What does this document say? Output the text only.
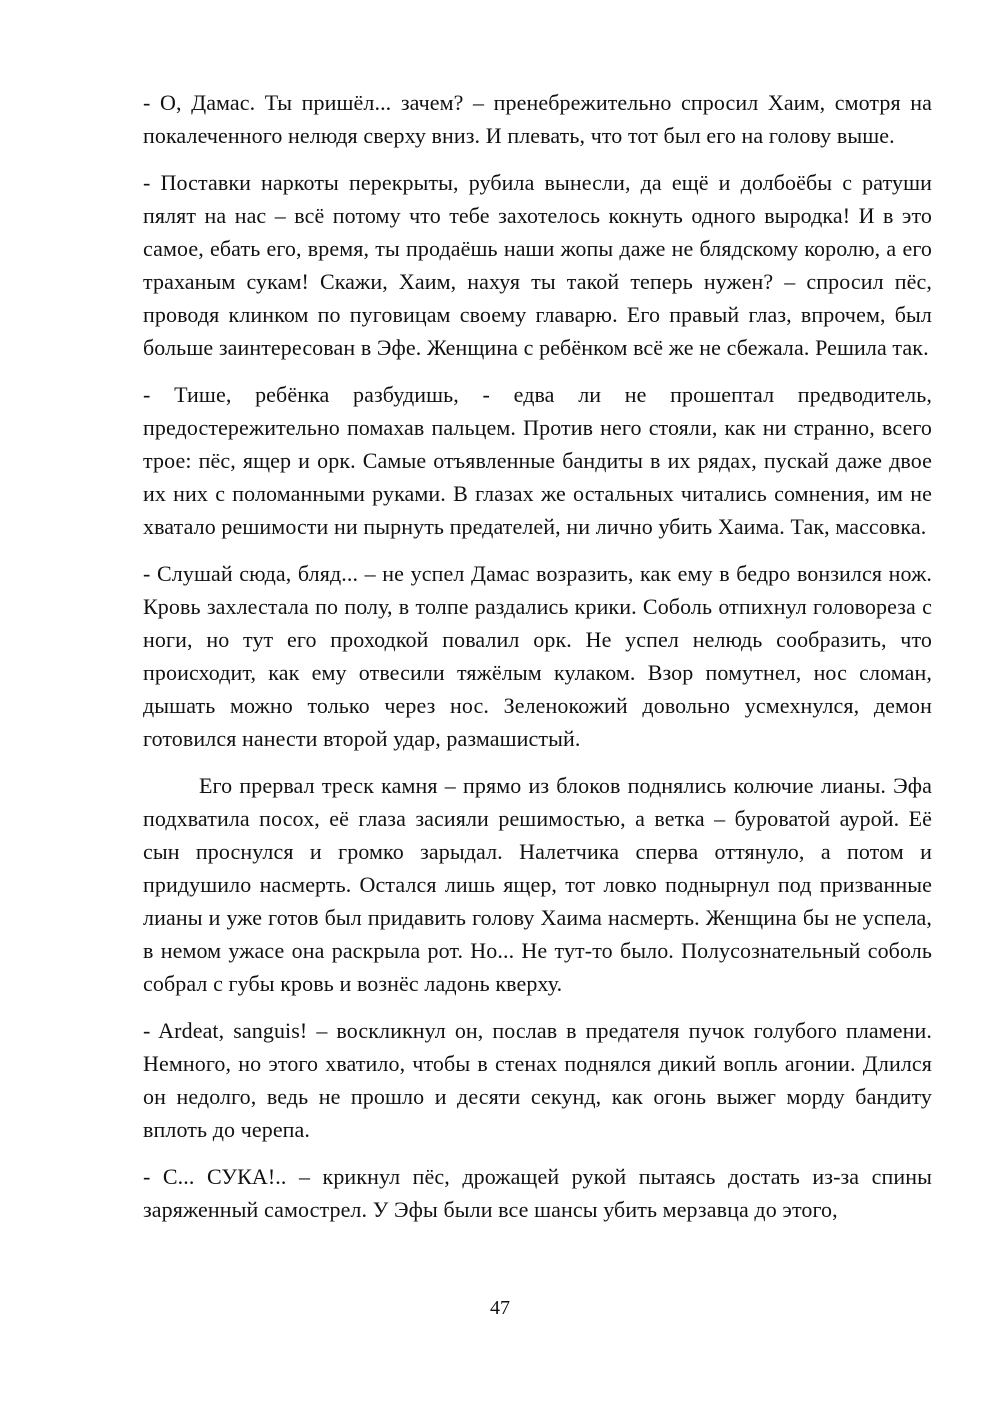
- О, Дамас. Ты пришёл... зачем? – пренебрежительно спросил Хаим, смотря на покалеченного нелюдя сверху вниз. И плевать, что тот был его на голову выше.

- Поставки наркоты перекрыты, рубила вынесли, да ещё и долбоёбы с ратуши пялят на нас – всё потому что тебе захотелось кокнуть одного выродка! И в это самое, ебать его, время, ты продаёшь наши жопы даже не блядскому королю, а его траханым сукам! Скажи, Хаим, нахуя ты такой теперь нужен? – спросил пёс, проводя клинком по пуговицам своему главарю. Его правый глаз, впрочем, был больше заинтересован в Эфе. Женщина с ребёнком всё же не сбежала. Решила так.

- Тише, ребёнка разбудишь, - едва ли не прошептал предводитель, предостережительно помахав пальцем. Против него стояли, как ни странно, всего трое: пёс, ящер и орк. Самые отъявленные бандиты в их рядах, пускай даже двое их них с поломанными руками. В глазах же остальных читались сомнения, им не хватало решимости ни пырнуть предателей, ни лично убить Хаима. Так, массовка.

- Слушай сюда, бляд... – не успел Дамас возразить, как ему в бедро вонзился нож. Кровь захлестала по полу, в толпе раздались крики. Соболь отпихнул головореза с ноги, но тут его проходкой повалил орк. Не успел нелюдь сообразить, что происходит, как ему отвесили тяжёлым кулаком. Взор помутнел, нос сломан, дышать можно только через нос. Зеленокожий довольно усмехнулся, демон готовился нанести второй удар, размашистый.

Его прервал треск камня – прямо из блоков поднялись колючие лианы. Эфа подхватила посох, её глаза засияли решимостью, а ветка – буроватой аурой. Её сын проснулся и громко зарыдал. Налетчика сперва оттянуло, а потом и придушило насмерть. Остался лишь ящер, тот ловко поднырнул под призванные лианы и уже готов был придавить голову Хаима насмерть. Женщина бы не успела, в немом ужасе она раскрыла рот. Но... Не тут-то было. Полусознательный соболь собрал с губы кровь и вознёс ладонь кверху.

- Ardeat, sanguis! – воскликнул он, послав в предателя пучок голубого пламени. Немного, но этого хватило, чтобы в стенах поднялся дикий вопль агонии. Длился он недолго, ведь не прошло и десяти секунд, как огонь выжег морду бандиту вплоть до черепа.

- С... СУКА!.. – крикнул пёс, дрожащей рукой пытаясь достать из-за спины заряженный самострел. У Эфы были все шансы убить мерзавца до этого,

47
